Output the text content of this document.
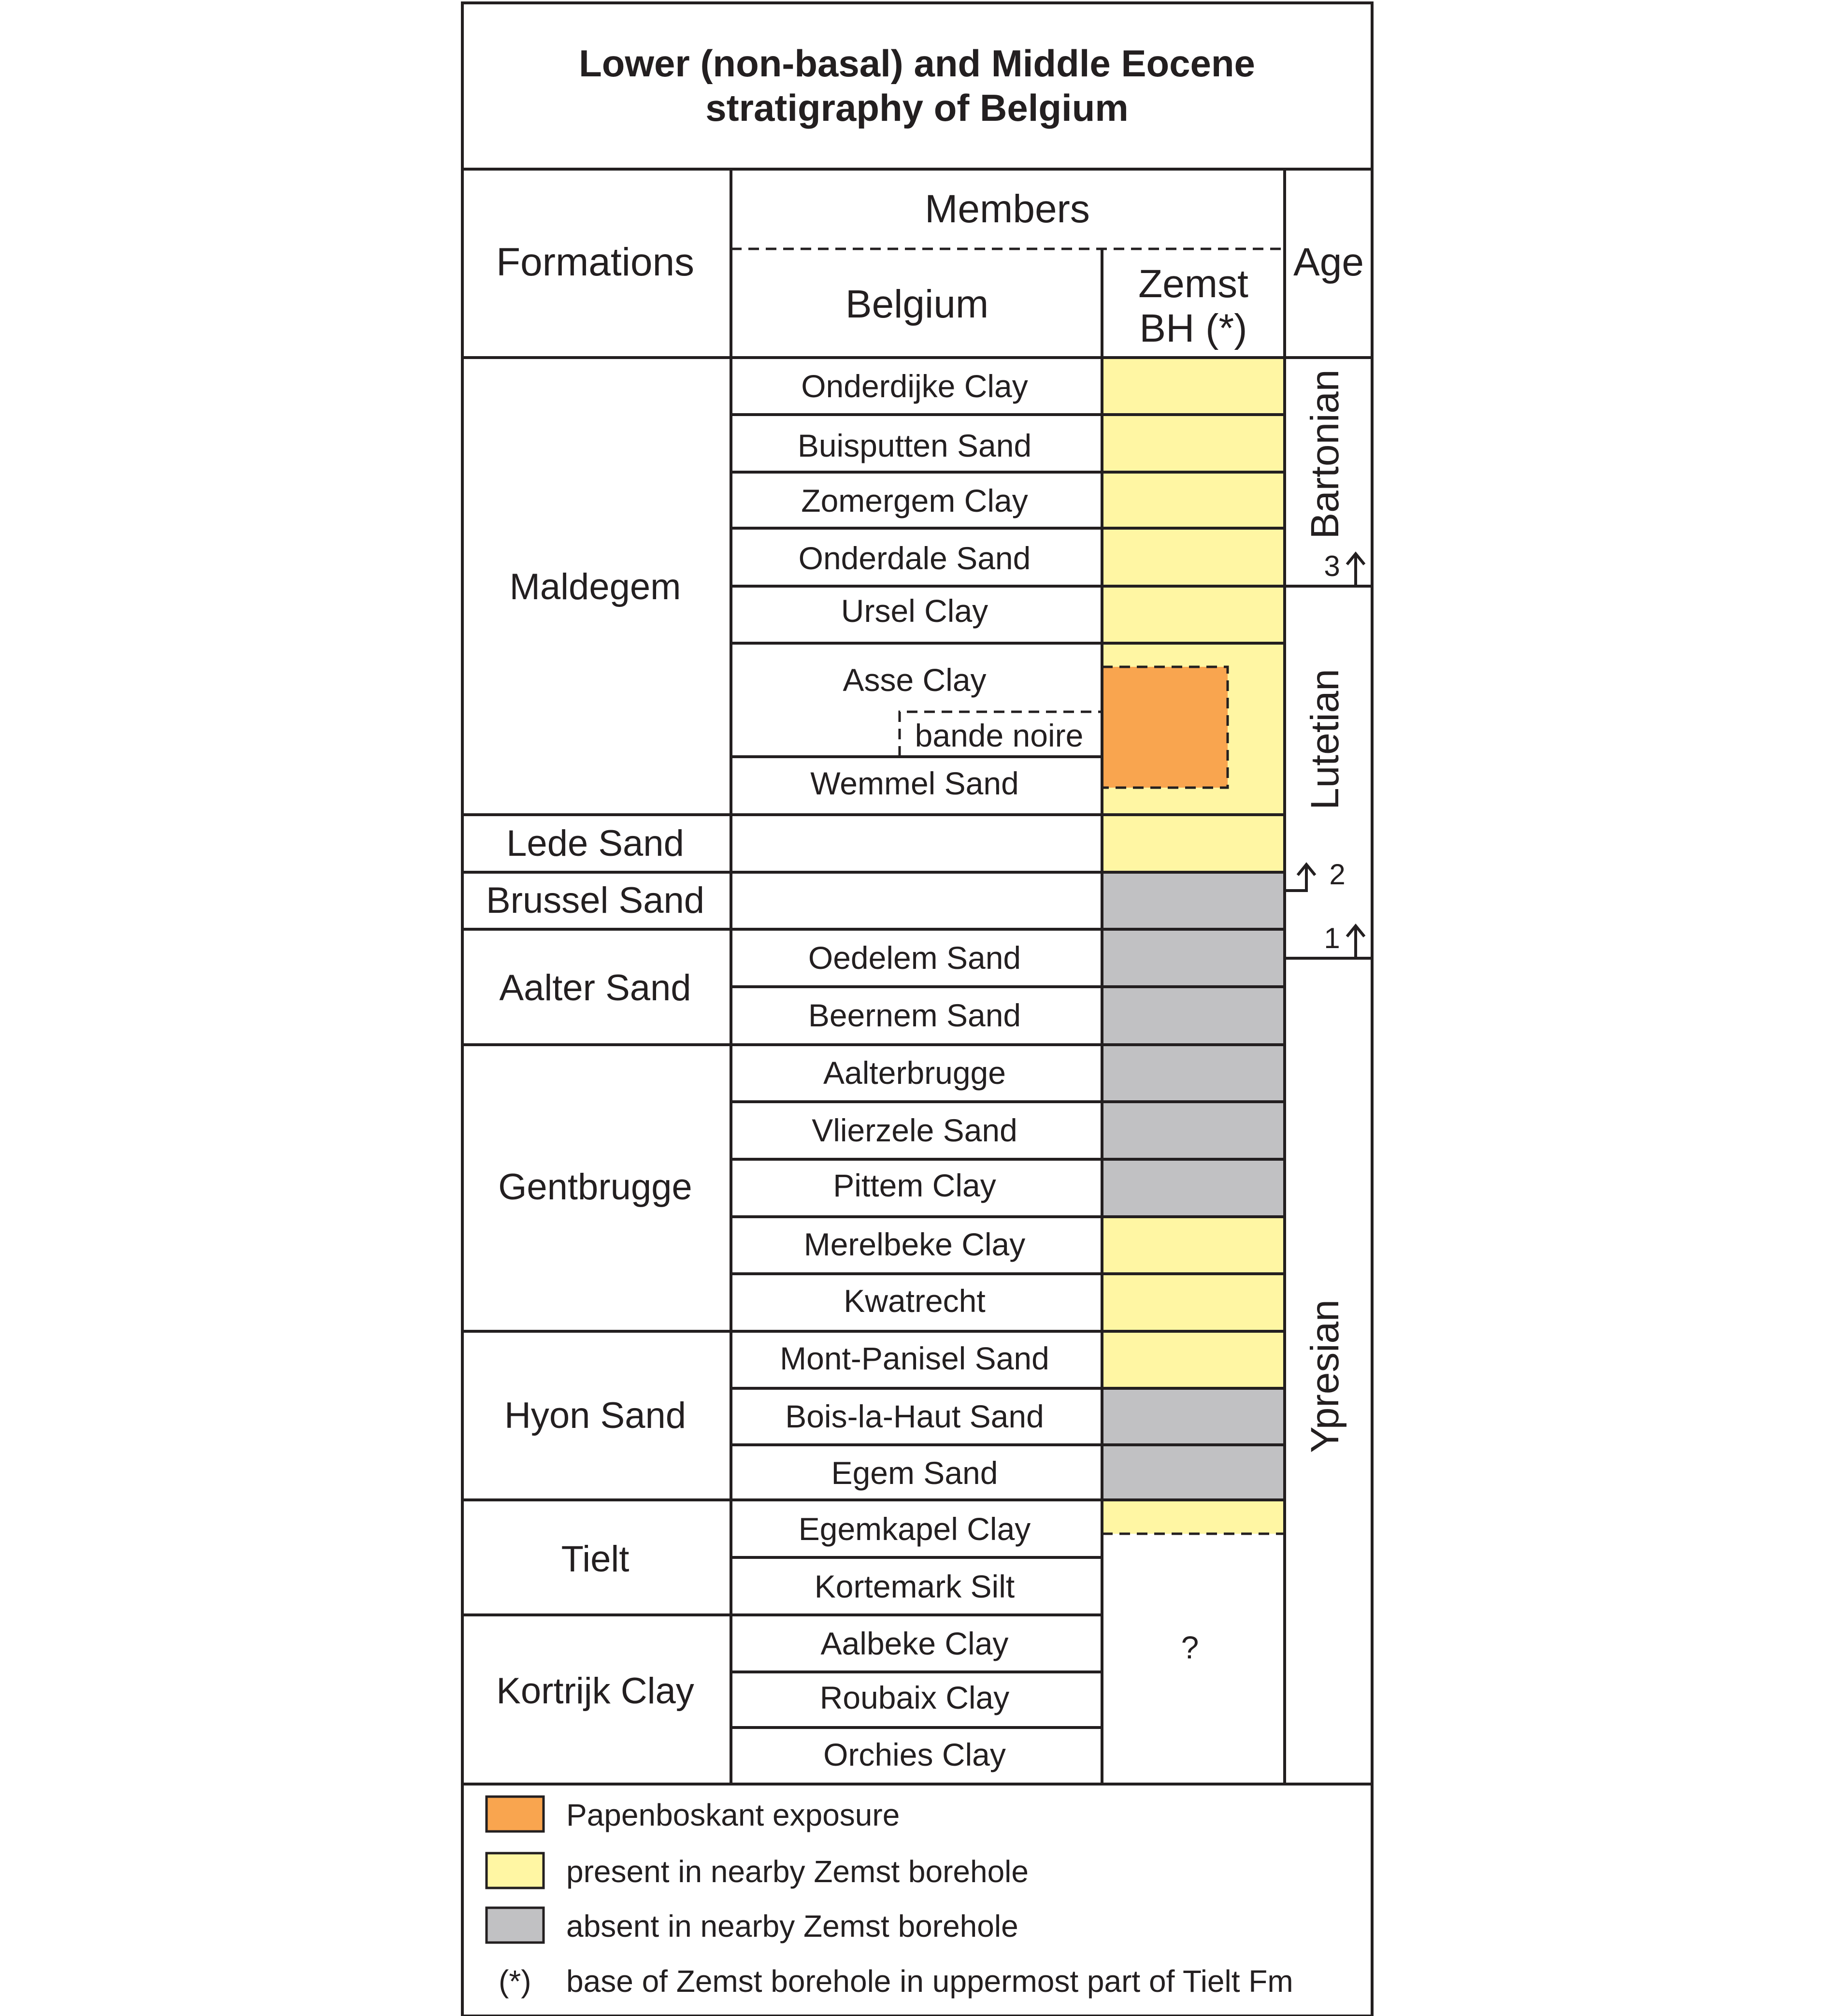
Lower (non-basal) and Middle Eocene
stratigraphy of Belgium
Formations
Members
Belgium	Zemst
BH (*)
Age
Maldegem
Lede Sand
Brussel Sand
Aalter Sand
Gentbrugge
Hyon Sand
Tielt
Kortrijk Clay
Onderdijke Clay
Buisputten Sand
Zomergem Clay
Onderdale Sand
Ursel Clay
Asse Clay
bande noire
Wemmel Sand
Oedelem Sand
Beernem Sand
Aalterbrugge
Vlierzele Sand
Pittem Clay
Merelbeke Clay
Kwatrecht
Mont-Panisel Sand
Bois-la-Haut Sand
Egem Sand
Egemkapel Clay
Kortemark Silt
Aalbeke Clay
Roubaix Clay
Orchies Clay
?
Bartonian
Lutetian
Ypresian
3
2
1
Papenboskant exposure
present in nearby Zemst borehole
absent in nearby Zemst borehole
(*) base of Zemst borehole in uppermost part of Tielt Fm
